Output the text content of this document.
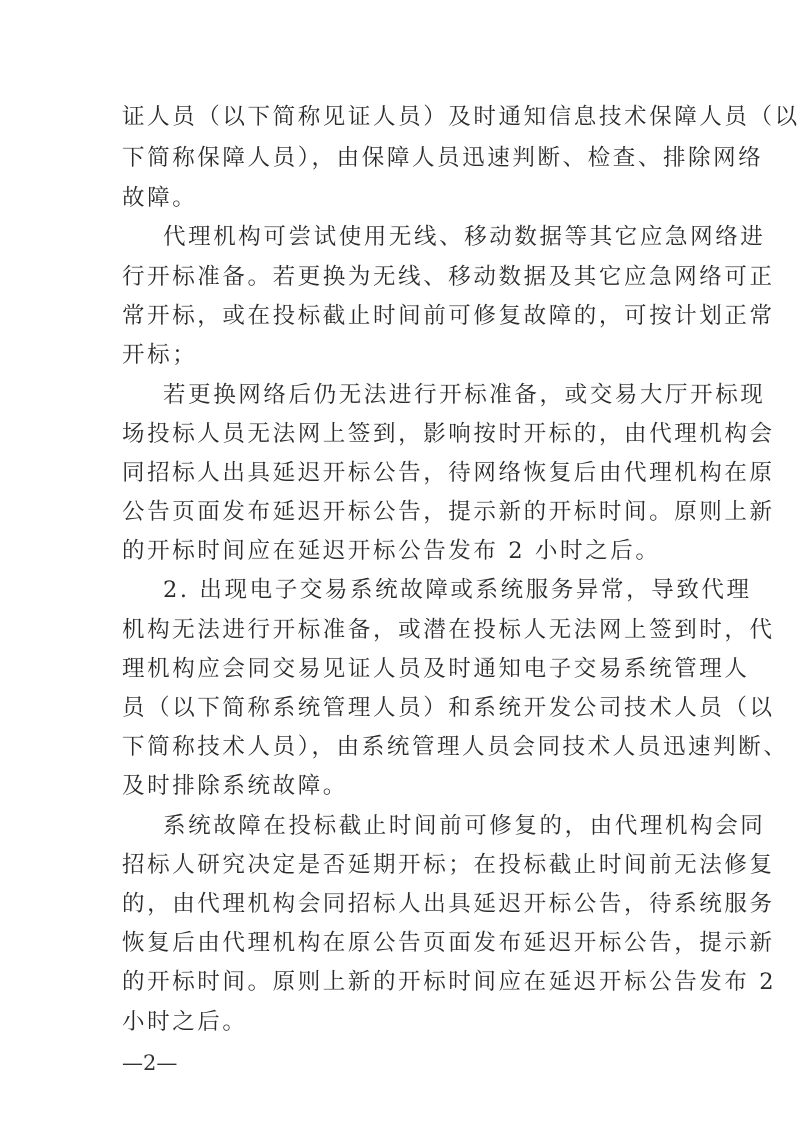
证人员（以下简称见证人员）及时通知信息技术保障人员（以
下简称保障人员），由保障人员迅速判断、检查、排除网络
故障。
代理机构可尝试使用无线、移动数据等其它应急网络进
行开标准备。若更换为无线、移动数据及其它应急网络可正
常开标，或在投标截止时间前可修复故障的，可按计划正常
开标；
若更换网络后仍无法进行开标准备，或交易大厅开标现
场投标人员无法网上签到，影响按时开标的，由代理机构会
同招标人出具延迟开标公告，待网络恢复后由代理机构在原
公告页面发布延迟开标公告，提示新的开标时间。原则上新
的开标时间应在延迟开标公告发布 2 小时之后。
2. 出现电子交易系统故障或系统服务异常，导致代理
机构无法进行开标准备，或潜在投标人无法网上签到时，代
理机构应会同交易见证人员及时通知电子交易系统管理人
员（以下简称系统管理人员）和系统开发公司技术人员（以
下简称技术人员），由系统管理人员会同技术人员迅速判断、
及时排除系统故障。
系统故障在投标截止时间前可修复的，由代理机构会同
招标人研究决定是否延期开标；在投标截止时间前无法修复
的，由代理机构会同招标人出具延迟开标公告，待系统服务
恢复后由代理机构在原公告页面发布延迟开标公告，提示新
的开标时间。原则上新的开标时间应在延迟开标公告发布 2
小时之后。
—2—
